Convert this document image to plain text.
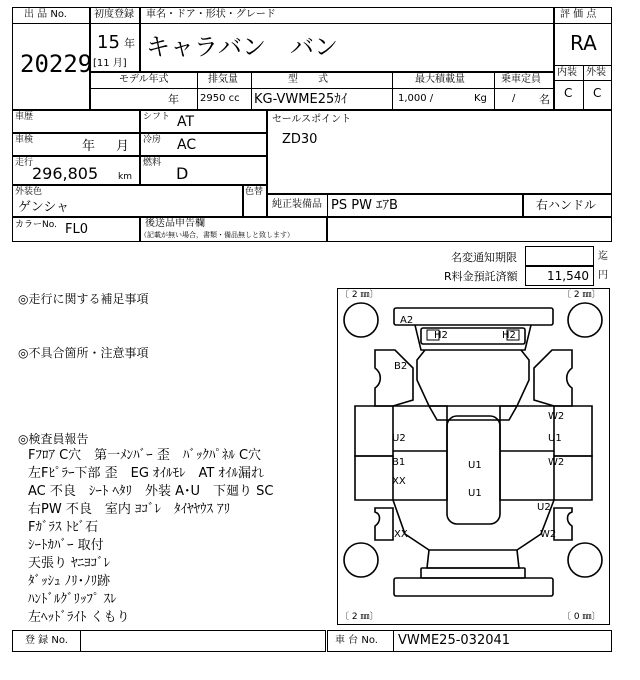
出 品 No.
20229
初度登録
15 年
[11 月]
車名・ドア・形状・グレード
キャラバン　バン
評 価 点
RA
内装 外装
C C
モデル年式
年
排気量
2950 cc
型　　式
KG-VWME25ｶｲ
最大積載量
1,000 /	Kg
乗車定員
/ 名
車歴	シフト AT
車検	年 月 冷房 AC
走行
296,805 km
燃料
D
外装色
ゲンシャ
色替
カラーNo. FL0	後送品申告欄
（記載が無い場合，書類・備品無しと致します）
セールスポイント
ZD30
純正装備品 PS PW ｴｱB	右ハンドル
名変通知期限	迄
R料金預託済額 11,540 円
◎走行に関する補足事項
◎不具合箇所・注意事項
◎検査員報告
Fﾌﾛｱ C穴　第一ﾒﾝﾊﾞｰ 歪　ﾊﾞｯｸﾊﾟﾈﾙ C穴
左Fﾋﾟﾗｰ下部 歪　EG ｵｲﾙﾓﾚ　AT ｵｲﾙ漏れ
AC 不良　ｼｰﾄ ﾍﾀﾘ　外装 A･U　下廻り SC
右PW 不良　室内 ﾖｺﾞﾚ　ﾀｲﾔﾔｳｽ ｱﾘ
Fｶﾞﾗｽ ﾄﾋﾞ石
ｼｰﾄｶﾊﾞｰ 取付
天張り ﾔﾆﾖｺﾞﾚ
ﾀﾞｯｼｭ ﾉﾘ･ﾉﾘ跡
ﾊﾝﾄﾞﾙｸﾞﾘｯﾌﾟ ｽﾚ
左ﾍｯﾄﾞﾗｲﾄ くもり
〔 2 ㎜〕	〔 2 ㎜〕
〔 2 ㎜〕	〔 0 ㎜〕
A2
H2	H2
B2
U2
W2
U1
B1	W2
U1
XX
U1
U2
XX	W2
登 録 No.	車 台 No. VWME25-032041
